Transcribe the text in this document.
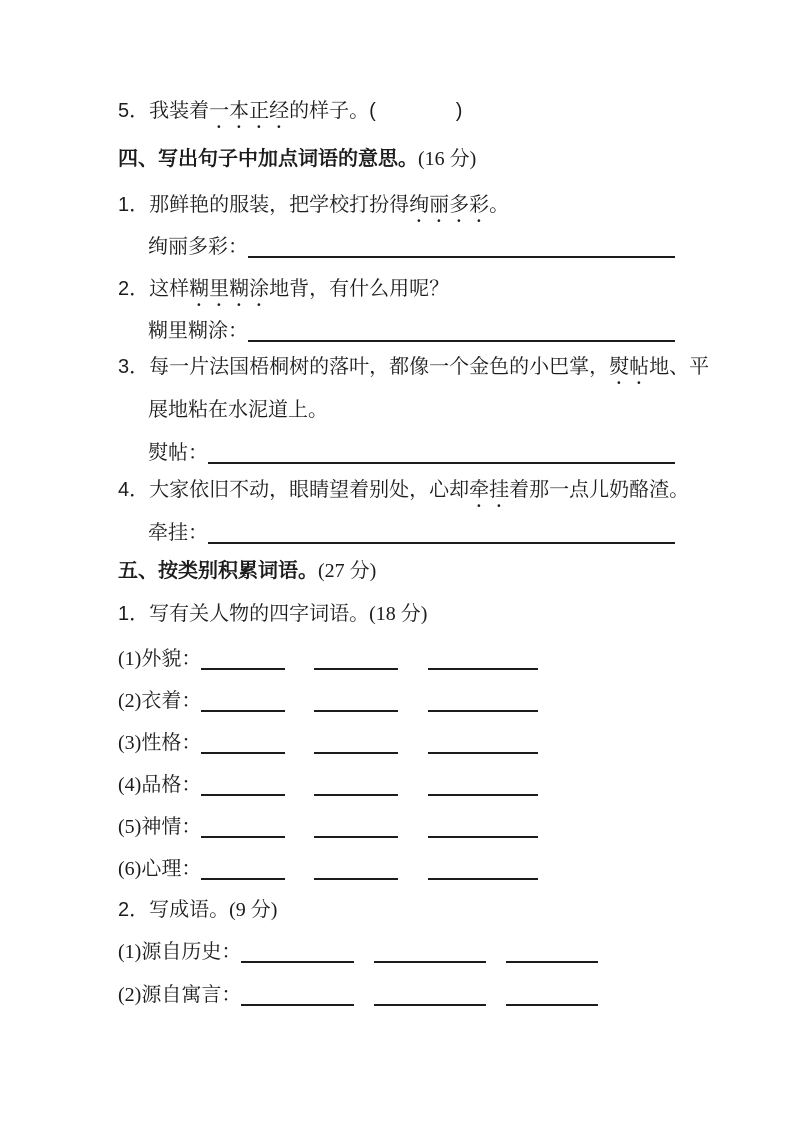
5．我装着一本正经的样子。(　　　　)
四、写出句子中加点词语的意思。(16 分)
1．那鲜艳的服装，把学校打扮得绚丽多彩。
绚丽多彩：
2．这样糊里糊涂地背，有什么用呢？
糊里糊涂：
3．每一片法国梧桐树的落叶，都像一个金色的小巴掌，熨帖地、平
展地粘在水泥道上。
熨帖：
4．大家依旧不动，眼睛望着别处，心却牵挂着那一点儿奶酪渣。
牵挂：
五、按类别积累词语。(27 分)
1．写有关人物的四字词语。(18 分)
(1)外貌：
(2)衣着：
(3)性格：
(4)品格：
(5)神情：
(6)心理：
2．写成语。(9 分)
(1)源自历史：
(2)源自寓言：
